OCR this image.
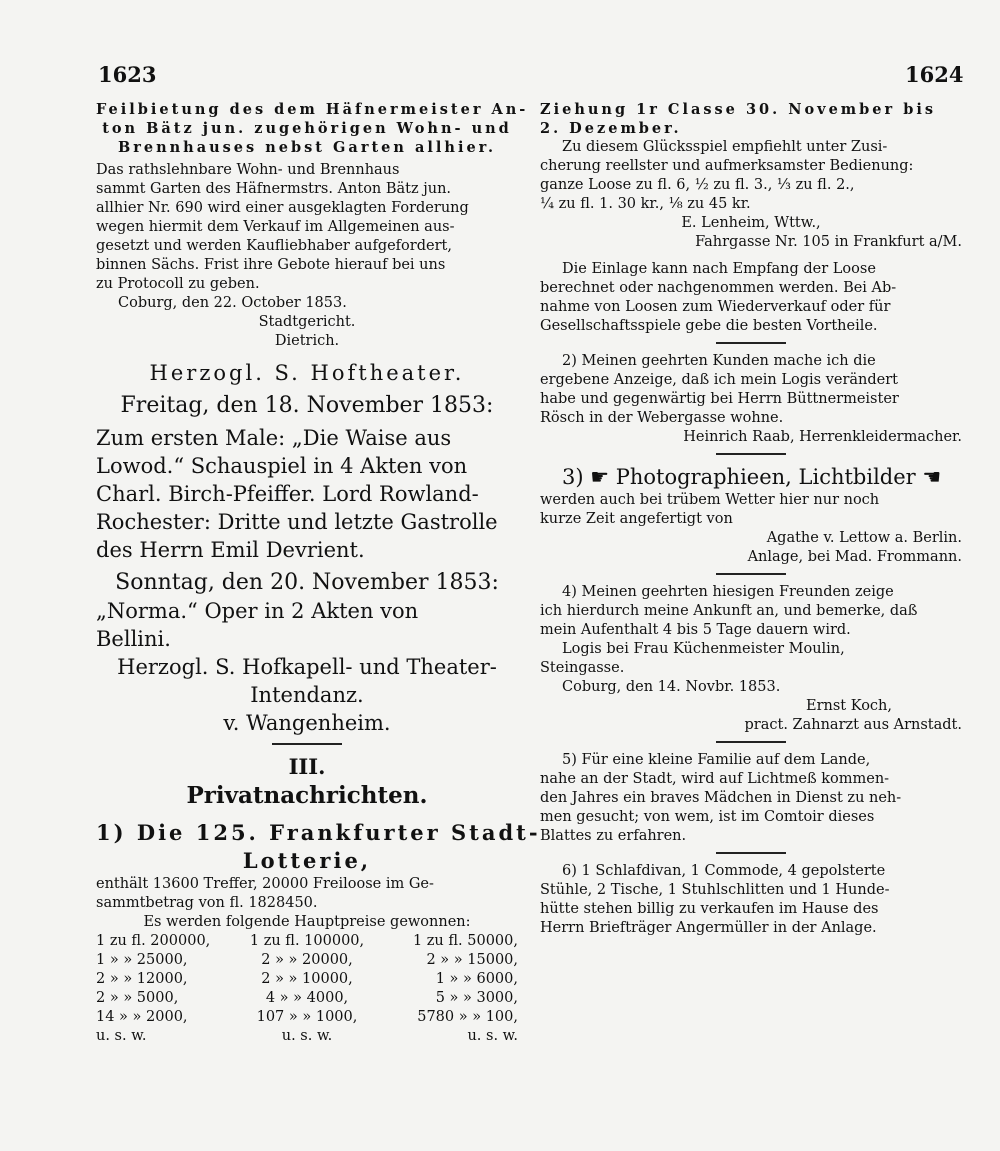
1623	1624
Feilbietung des dem Häfnermeister An-
ton Bätz jun. zugehörigen Wohn- und
Brennhauses nebst Garten allhier.
Das rathslehnbare Wohn- und Brennhaus
sammt Garten des Häfnermstrs. Anton Bätz jun.
allhier Nr. 690 wird einer ausgeklagten Forderung
wegen hiermit dem Verkauf im Allgemeinen aus-
gesetzt und werden Kaufliebhaber aufgefordert,
binnen Sächs. Frist ihre Gebote hierauf bei uns
zu Protocoll zu geben.
Coburg, den 22. October 1853.
Stadtgericht.
Dietrich.
Herzogl. S. Hoftheater.
Freitag, den 18. November 1853:
Zum ersten Male: „Die Waise aus
Lowod.“ Schauspiel in 4 Akten von
Charl. Birch-Pfeiffer. Lord Rowland-
Rochester: Dritte und letzte Gastrolle
des Herrn Emil Devrient.
Sonntag, den 20. November 1853:
„Norma.“ Oper in 2 Akten von
Bellini.
Herzogl. S. Hofkapell- und Theater-
Intendanz.
v. Wangenheim.
III.
Privatnachrichten.
1) Die 125. Frankfurter Stadt-
Lotterie,
enthält 13600 Treffer, 20000 Freiloose im Ge-
sammtbetrag von fl. 1828450.
Es werden folgende Hauptpreise gewonnen:
1 zu fl. 200000,	1 zu fl. 100000,	1 zu fl. 50000,
1 » » 25000,	2 » » 20000,	2 » » 15000,
2 » » 12000,	2 » » 10000,	1 » » 6000,
2 » » 5000,	4 » » 4000,	5 » » 3000,
14 » » 2000,	107 » » 1000,	5780 » » 100,
u. s. w.	u. s. w.	u. s. w.
Ziehung 1r Classe 30. November bis
2. Dezember.
Zu diesem Glücksspiel empfiehlt unter Zusi-
cherung reellster und aufmerksamster Bedienung:
ganze Loose zu fl. 6, ½ zu fl. 3., ⅓ zu fl. 2.,
¼ zu fl. 1. 30 kr., ⅛ zu 45 kr.
E. Lenheim, Wttw.,
Fahrgasse Nr. 105 in Frankfurt a/M.
Die Einlage kann nach Empfang der Loose
berechnet oder nachgenommen werden. Bei Ab-
nahme von Loosen zum Wiederverkauf oder für
Gesellschaftsspiele gebe die besten Vortheile.
2) Meinen geehrten Kunden mache ich die
ergebene Anzeige, daß ich mein Logis verändert
habe und gegenwärtig bei Herrn Büttnermeister
Rösch in der Webergasse wohne.
Heinrich Raab, Herrenkleidermacher.
3) ☛ Photographieen, Lichtbilder ☚
werden auch bei trübem Wetter hier nur noch
kurze Zeit angefertigt von
Agathe v. Lettow a. Berlin.
Anlage, bei Mad. Frommann.
4) Meinen geehrten hiesigen Freunden zeige
ich hierdurch meine Ankunft an, und bemerke, daß
mein Aufenthalt 4 bis 5 Tage dauern wird.
Logis bei Frau Küchenmeister Moulin,
Steingasse.
Coburg, den 14. Novbr. 1853.
Ernst Koch,
pract. Zahnarzt aus Arnstadt.
5) Für eine kleine Familie auf dem Lande,
nahe an der Stadt, wird auf Lichtmeß kommen-
den Jahres ein braves Mädchen in Dienst zu neh-
men gesucht; von wem, ist im Comtoir dieses
Blattes zu erfahren.
6) 1 Schlafdivan, 1 Commode, 4 gepolsterte
Stühle, 2 Tische, 1 Stuhlschlitten und 1 Hunde-
hütte stehen billig zu verkaufen im Hause des
Herrn Briefträger Angermüller in der Anlage.
